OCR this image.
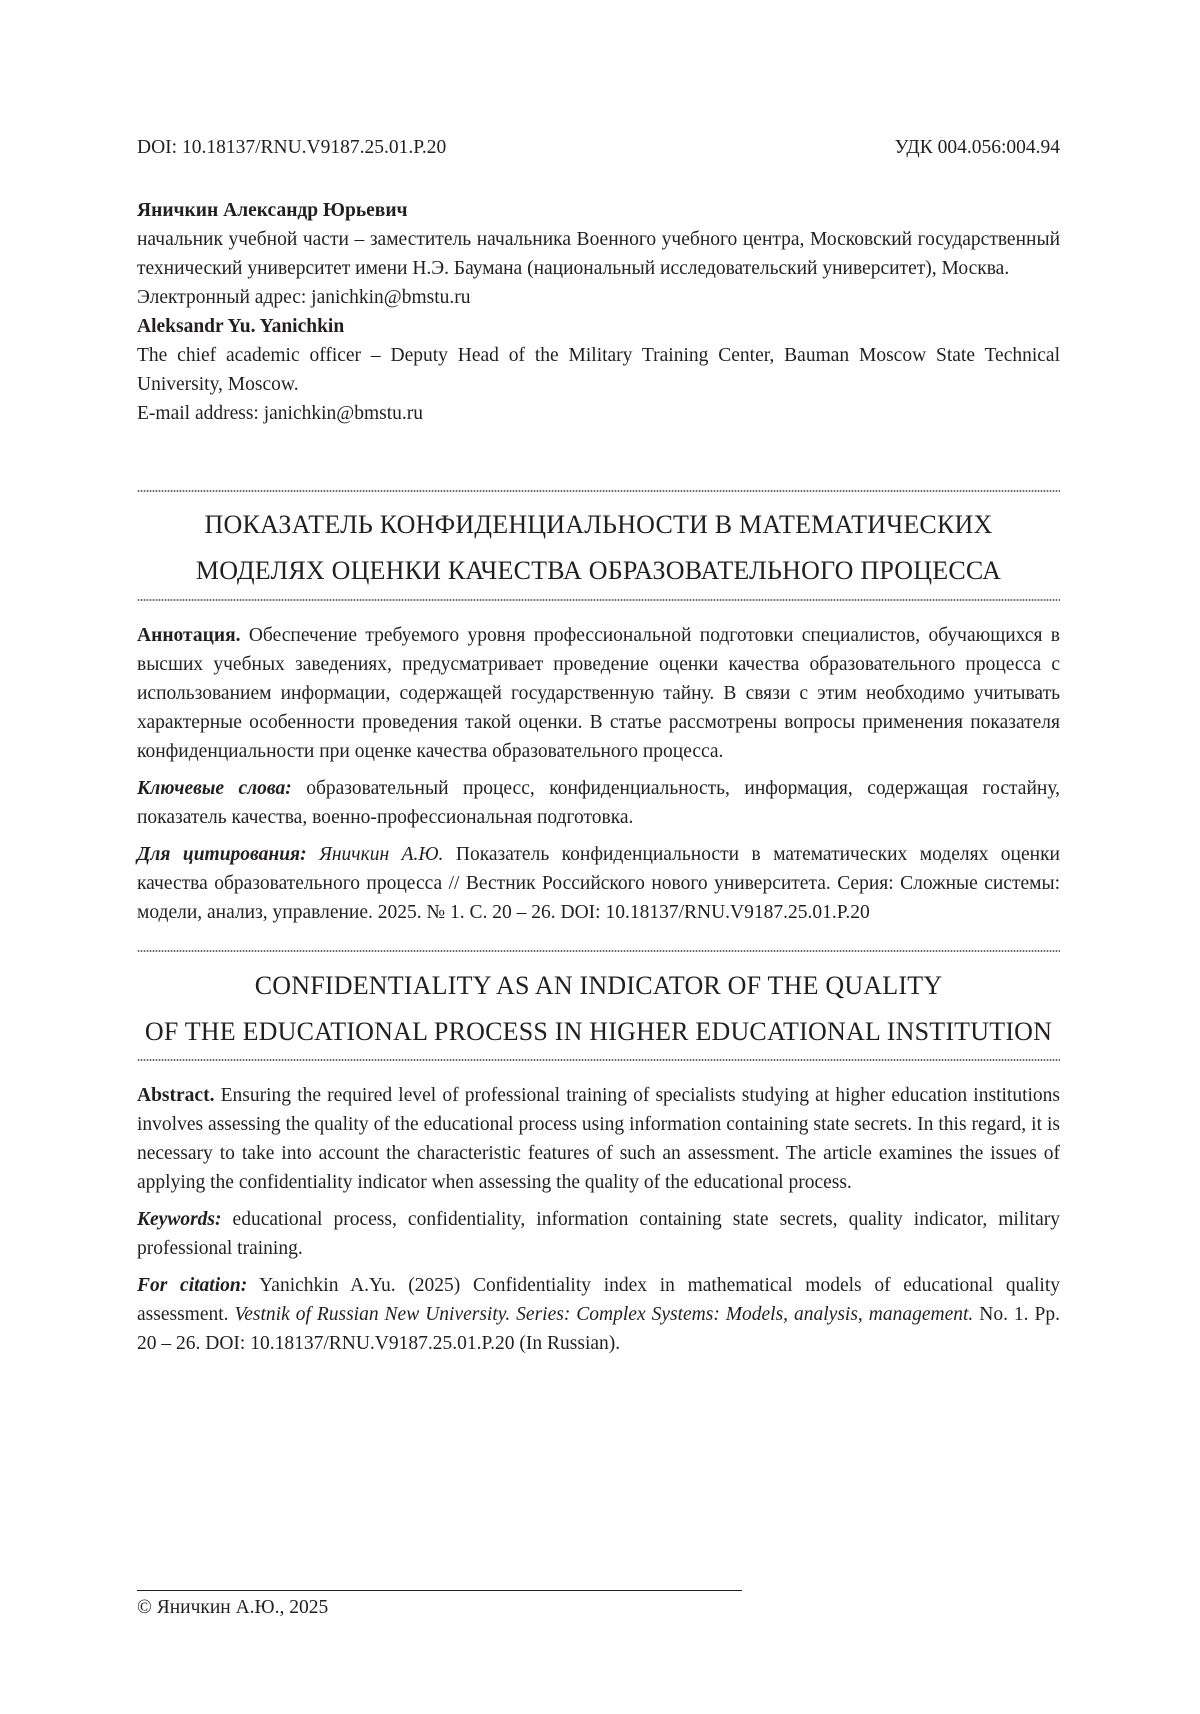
DOI: 10.18137/RNU.V9187.25.01.P.20	УДК 004.056:004.94

Яничкин Александр Юрьевич

начальник учебной части – заместитель начальника Военного учебного центра, Московский государственный технический университет имени Н.Э. Баумана (национальный исследовательский университет), Москва.

Электронный адрес: janichkin@bmstu.ru

Aleksandr Yu. Yanichkin

The chief academic officer – Deputy Head of the Military Training Center, Bauman Moscow State Technical University, Moscow.

E-mail address: janichkin@bmstu.ru

ПОКАЗАТЕЛЬ КОНФИДЕНЦИАЛЬНОСТИ В МАТЕМАТИЧЕСКИХ
МОДЕЛЯХ ОЦЕНКИ КАЧЕСТВА ОБРАЗОВАТЕЛЬНОГО ПРОЦЕССА

Аннотация. Обеспечение требуемого уровня профессиональной подготовки специалистов, обучающихся в высших учебных заведениях, предусматривает проведение оценки качества образовательного процесса с использованием информации, содержащей государственную тайну. В связи с этим необходимо учитывать характерные особенности проведения такой оценки. В статье рассмотрены вопросы применения показателя конфиденциальности при оценке качества образовательного процесса.

Ключевые слова: образовательный процесс, конфиденциальность, информация, содержащая гостайну, показатель качества, военно-профессиональная подготовка.

Для цитирования: Яничкин А.Ю. Показатель конфиденциальности в математических моделях оценки качества образовательного процесса // Вестник Российского нового университета. Серия: Сложные системы: модели, анализ, управление. 2025. № 1. С. 20 – 26. DOI: 10.18137/RNU.V9187.25.01.P.20

CONFIDENTIALITY AS AN INDICATOR OF THE QUALITY
OF THE EDUCATIONAL PROCESS IN HIGHER EDUCATIONAL INSTITUTION

Abstract. Ensuring the required level of professional training of specialists studying at higher education institutions involves assessing the quality of the educational process using information containing state secrets. In this regard, it is necessary to take into account the characteristic features of such an assessment. The article examines the issues of applying the confidentiality indicator when assessing the quality of the educational process.

Keywords: educational process, confidentiality, information containing state secrets, quality indicator, military professional training.

For citation: Yanichkin A.Yu. (2025) Confidentiality index in mathematical models of educational quality assessment. Vestnik of Russian New University. Series: Complex Systems: Models, analysis, management. No. 1. Pp. 20 – 26. DOI: 10.18137/RNU.V9187.25.01.P.20 (In Russian).

© Яничкин А.Ю., 2025
